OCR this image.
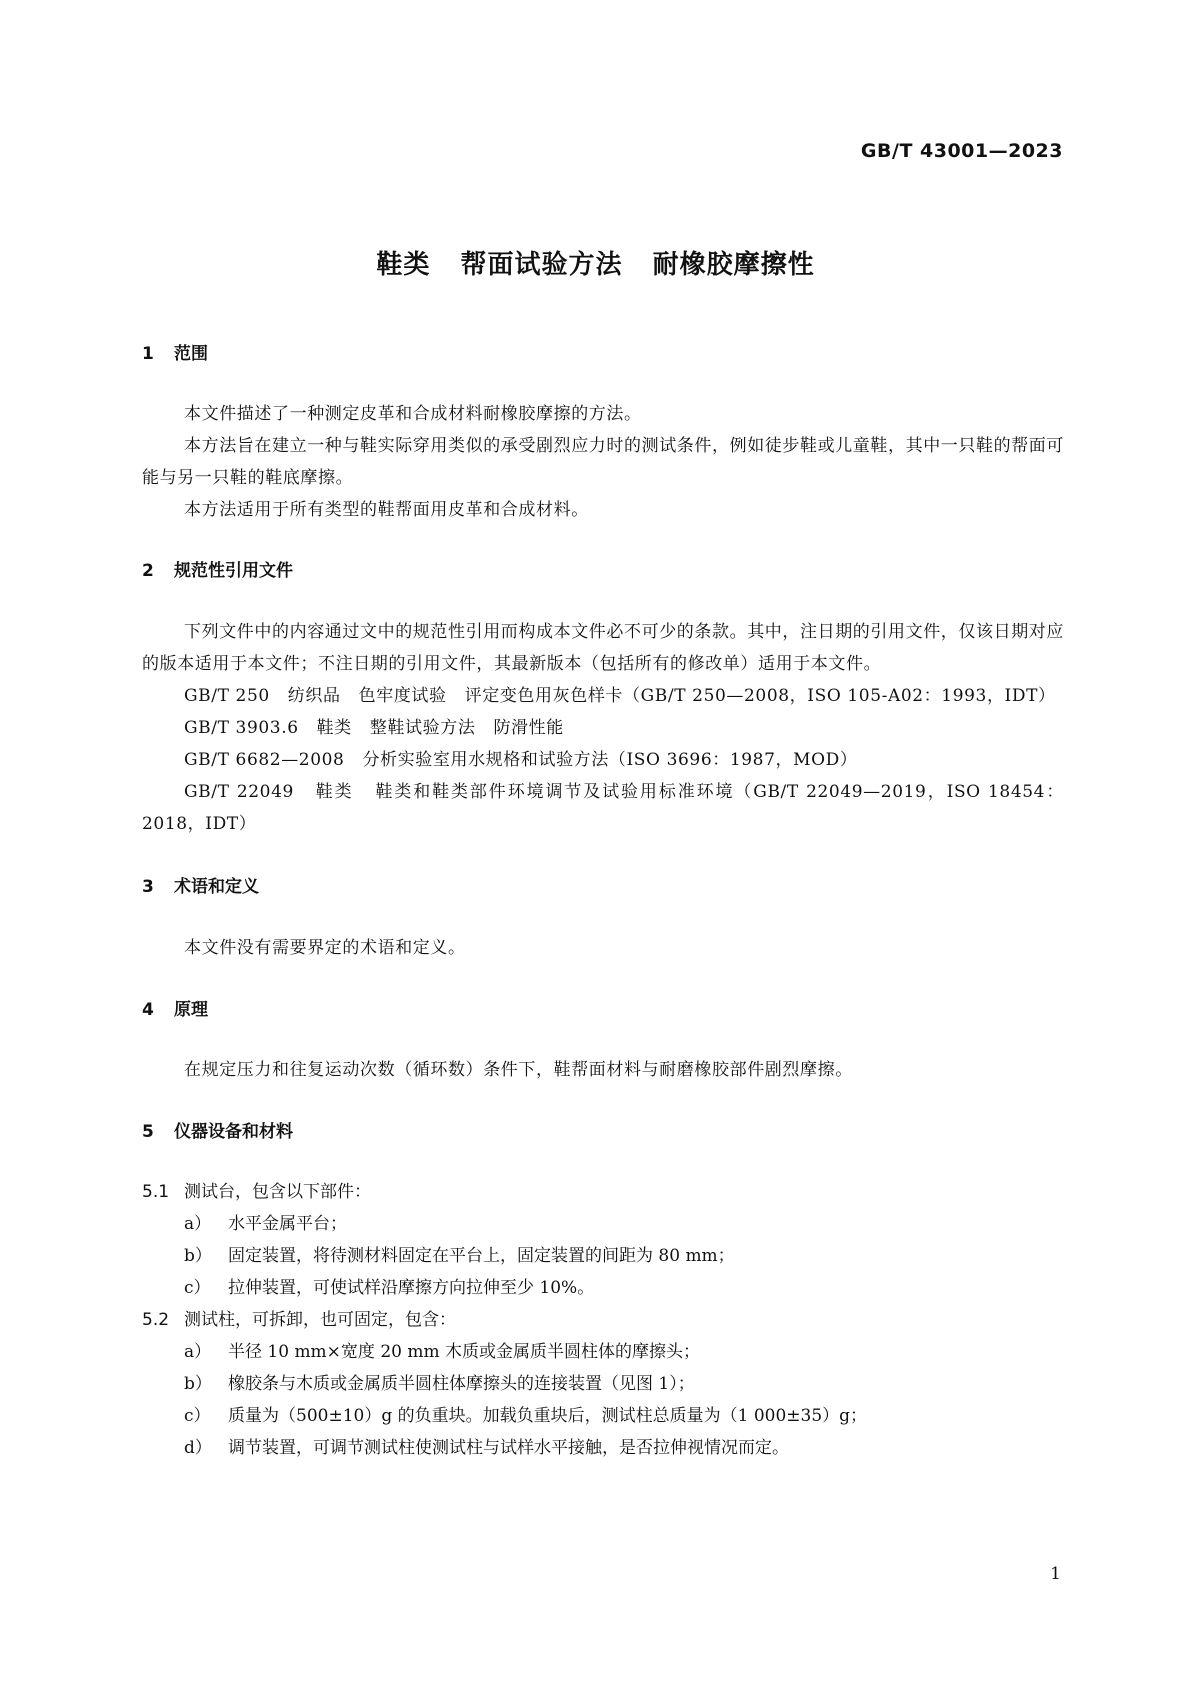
GB/T 43001—2023
鞋类   帮面试验方法   耐橡胶摩擦性
1 范围
本文件描述了一种测定皮革和合成材料耐橡胶摩擦的方法。
本方法旨在建立一种与鞋实际穿用类似的承受剧烈应力时的测试条件，例如徒步鞋或儿童鞋，其中一只鞋的帮面可能与另一只鞋的鞋底摩擦。
本方法适用于所有类型的鞋帮面用皮革和合成材料。
2 规范性引用文件
下列文件中的内容通过文中的规范性引用而构成本文件必不可少的条款。其中，注日期的引用文件，仅该日期对应的版本适用于本文件；不注日期的引用文件，其最新版本（包括所有的修改单）适用于本文件。
GB/T 250   纺织品   色牢度试验   评定变色用灰色样卡（GB/T 250—2008，ISO 105-A02：1993，IDT）
GB/T 3903.6   鞋类   整鞋试验方法   防滑性能
GB/T 6682—2008   分析实验室用水规格和试验方法（ISO 3696：1987，MOD）
GB/T 22049   鞋类   鞋类和鞋类部件环境调节及试验用标准环境（GB/T 22049—2019，ISO 18454：2018，IDT）
3 术语和定义
本文件没有需要界定的术语和定义。
4 原理
在规定压力和往复运动次数（循环数）条件下，鞋帮面材料与耐磨橡胶部件剧烈摩擦。
5 仪器设备和材料
5.1 测试台，包含以下部件：
a） 水平金属平台；
b） 固定装置，将待测材料固定在平台上，固定装置的间距为 80 mm；
c） 拉伸装置，可使试样沿摩擦方向拉伸至少 10%。
5.2 测试柱，可拆卸，也可固定，包含：
a） 半径 10 mm×宽度 20 mm 木质或金属质半圆柱体的摩擦头；
b） 橡胶条与木质或金属质半圆柱体摩擦头的连接装置（见图 1）；
c） 质量为（500±10）g 的负重块。加载负重块后，测试柱总质量为（1 000±35）g；
d） 调节装置，可调节测试柱使测试柱与试样水平接触，是否拉伸视情况而定。
1
